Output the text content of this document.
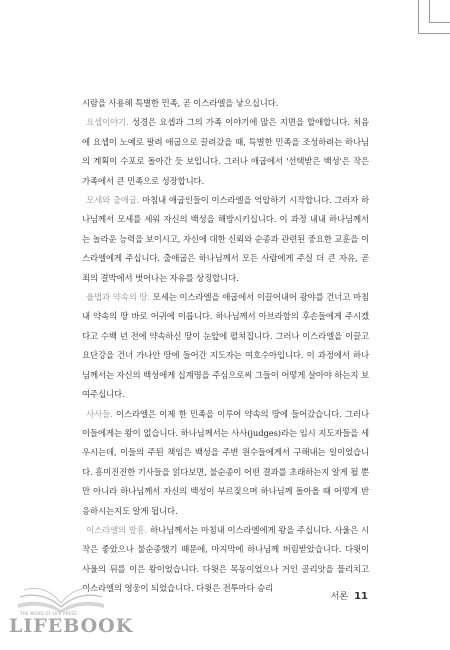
시람을 사용해 특별한 민족, 곧 이스라엘을 낳으십니다.

 요셉이야기. 성경은 요셉과 그의 가족 이야기에 많은 지면을 할애합니다. 처음에 요셉이 노예로 팔려 애굽으로 끌려갔을 때, 특별한 민족을 조성하려는 하나님의 계획이 수포로 돌아간 듯 보입니다. 그러나 애굽에서 '선택받은 백성'은 작은 가족에서 큰 민족으로 성장합니다.

 모세와 출애굽. 마침내 애굽인들이 이스라엘을 억압하기 시작합니다. 그러자 하나님께서 모세를 세워 자신의 백성을 해방시키십니다. 이 과정 내내 하나님께서는 놀라운 능력을 보이시고, 자신에 대한 신뢰와 순종과 관련된 중요한 교훈을 이스라엘에게 주십니다. 출애굽은 하나님께서 모든 사람에게 주실 더 큰 자유, 곧 죄의 결박에서 벗어나는 자유를 상징합니다.

 율법과 약속의 땅. 모세는 이스라엘을 애굽에서 이끌어내어 광야를 건너고 마침내 약속의 땅 바로 어귀에 이릅니다. 하나님께서 아브라함의 후손들에게 주시겠다고 수백 년 전에 약속하신 땅이 눈앞에 펼쳐집니다. 그러나 이스라엘을 이끌고 요단강을 건너 가나안 땅에 들어간 지도자는 여호수아입니다. 이 과정에서 하나님께서는 자신의 백성에게 십계명을 주심으로써 그들이 어떻게 살아야 하는지 보여주십니다.

 사사들. 이스라엘은 이제 한 민족을 이루어 약속의 땅에 들어갔습니다. 그러나 이들에게는 왕이 없습니다. 하나님께서는 사사(judges)라는 임시 지도자들을 세우시는데, 이들의 주된 책임은 백성을 주변 원수들에게서 구해내는 일이었습니다. 흥미진진한 기사들을 읽다보면, 불순종이 어떤 결과를 초래하는지 알게 될 뿐만 아니라 하나님께서 자신의 백성이 부르짖으며 하나님께 돌아올 때 어떻게 반응하시는지도 알게 됩니다.

 이스라엘의 발흥. 하나님께서는 마침내 이스라엘에게 왕을 주십니다. 사울은 시작은 좋았으나 불순종했기 때문에, 마지막에 하나님께 버림받았습니다. 다윗이 사울의 뒤를 이은 왕이었습니다. 다윗은 목동이었으나 거인 골리앗을 물리치고 이스라엘의 영웅이 되었습니다. 다윗은 전투마다 승리

서론 11
THE WORD OF LIFE PRESS
LIFEBOOK
